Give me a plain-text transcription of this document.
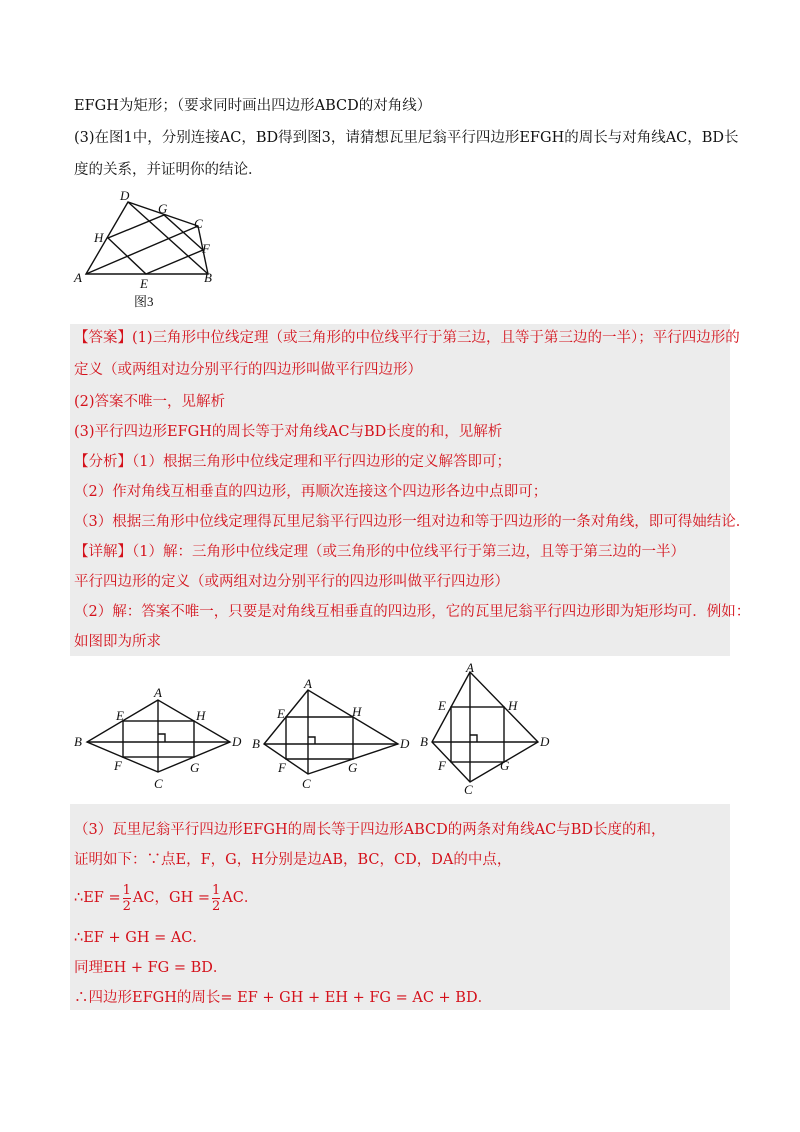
EFGH为矩形；（要求同时画出四边形ABCD的对角线）
(3)在图1中，分别连接AC，BD得到图3，请猜想瓦里尼翁平行四边形EFGH的周长与对角线AC，BD长
度的关系，并证明你的结论．
D
G
C
H
F
A	E	B
图3
【答案】(1)三角形中位线定理（或三角形的中位线平行于第三边，且等于第三边的一半）；平行四边形的
定义（或两组对边分别平行的四边形叫做平行四边形）
(2)答案不唯一，见解析
(3)平行四边形EFGH的周长等于对角线AC与BD长度的和，见解析
【分析】（1）根据三角形中位线定理和平行四边形的定义解答即可；
（2）作对角线互相垂直的四边形，再顺次连接这个四边形各边中点即可；
（3）根据三角形中位线定理得瓦里尼翁平行四边形一组对边和等于四边形的一条对角线，即可得妯结论．
【详解】（1）解：三角形中位线定理（或三角形的中位线平行于第三边，且等于第三边的一半）
平行四边形的定义（或两组对边分别平行的四边形叫做平行四边形）
（2）解：答案不唯一，只要是对角线互相垂直的四边形，它的瓦里尼翁平行四边形即为矩形均可．例如：
如图即为所求
A
E	H
B	D
F	G
C
A
E	H
B	D
F	G
C
A
E	H
B	D
F	G
C
（3）瓦里尼翁平行四边形EFGH的周长等于四边形ABCD的两条对角线AC与BD长度的和，
证明如下：∵点E，F，G，H分别是边AB，BC，CD，DA的中点，
∴EF = $\frac{1}{2}$ AC，GH = $\frac{1}{2}$ AC．
∴EF + GH = AC．
同理EH + FG = BD．
∴四边形EFGH的周长= EF + GH + EH + FG = AC + BD．
